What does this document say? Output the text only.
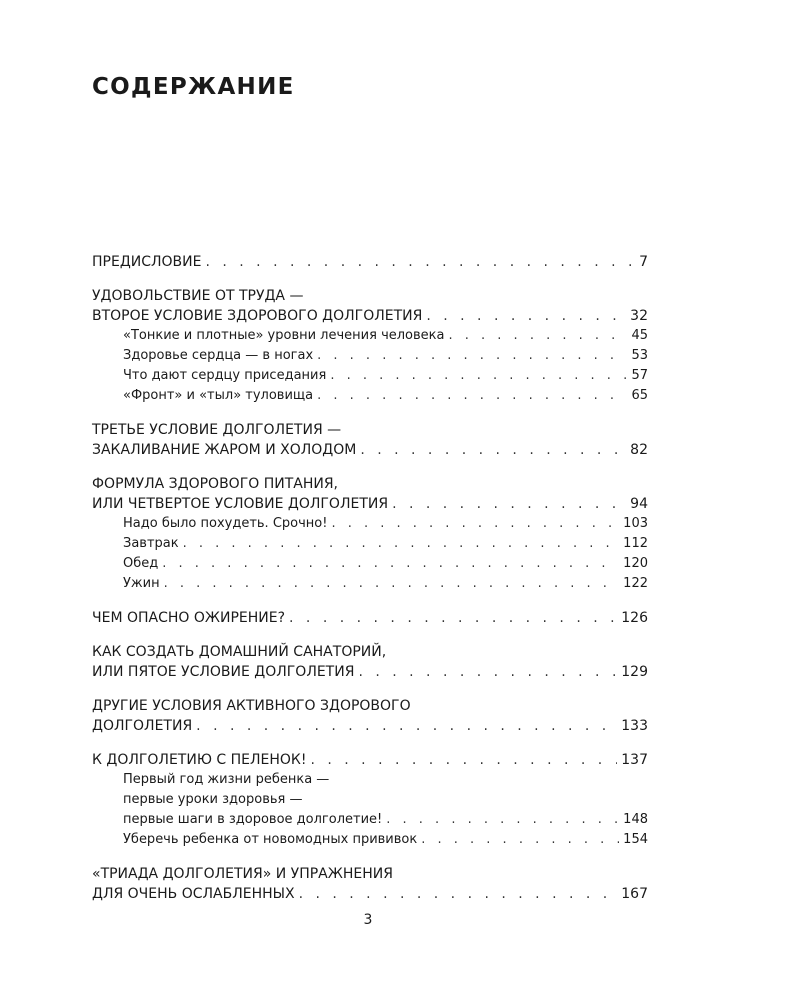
СОДЕРЖАНИЕ
ПРЕДИСЛОВИЕ . . .	7
УДОВОЛЬСТВИЕ ОТ ТРУДА —
ВТОРОЕ УСЛОВИЕ ЗДОРОВОГО ДОЛГОЛЕТИЯ . . .	32
«Тонкие и плотные» уровни лечения человека . . .	45
Здоровье сердца — в ногах . . .	53
Что дают сердцу приседания . . .	57
«Фронт» и «тыл» туловища . . .	65
ТРЕТЬЕ УСЛОВИЕ ДОЛГОЛЕТИЯ —
ЗАКАЛИВАНИЕ ЖАРОМ И ХОЛОДОМ . . .	82
ФОРМУЛА ЗДОРОВОГО ПИТАНИЯ,
ИЛИ ЧЕТВЕРТОЕ УСЛОВИЕ ДОЛГОЛЕТИЯ . . .	94
Надо было похудеть. Срочно! . . .	103
Завтрак . . .	112
Обед . . .	120
Ужин . . .	122
ЧЕМ ОПАСНО ОЖИРЕНИЕ? . . .	126
КАК СОЗДАТЬ ДОМАШНИЙ САНАТОРИЙ,
ИЛИ ПЯТОЕ УСЛОВИЕ ДОЛГОЛЕТИЯ . . .	129
ДРУГИЕ УСЛОВИЯ АКТИВНОГО ЗДОРОВОГО
ДОЛГОЛЕТИЯ . . .	133
К ДОЛГОЛЕТИЮ С ПЕЛЕНОК! . . .	137
Первый год жизни ребенка —
первые уроки здоровья —
первые шаги в здоровое долголетие! . . .	148
Уберечь ребенка от новомодных прививок . . .	154
«ТРИАДА ДОЛГОЛЕТИЯ» И УПРАЖНЕНИЯ
ДЛЯ ОЧЕНЬ ОСЛАБЛЕННЫХ . . .	167
3
